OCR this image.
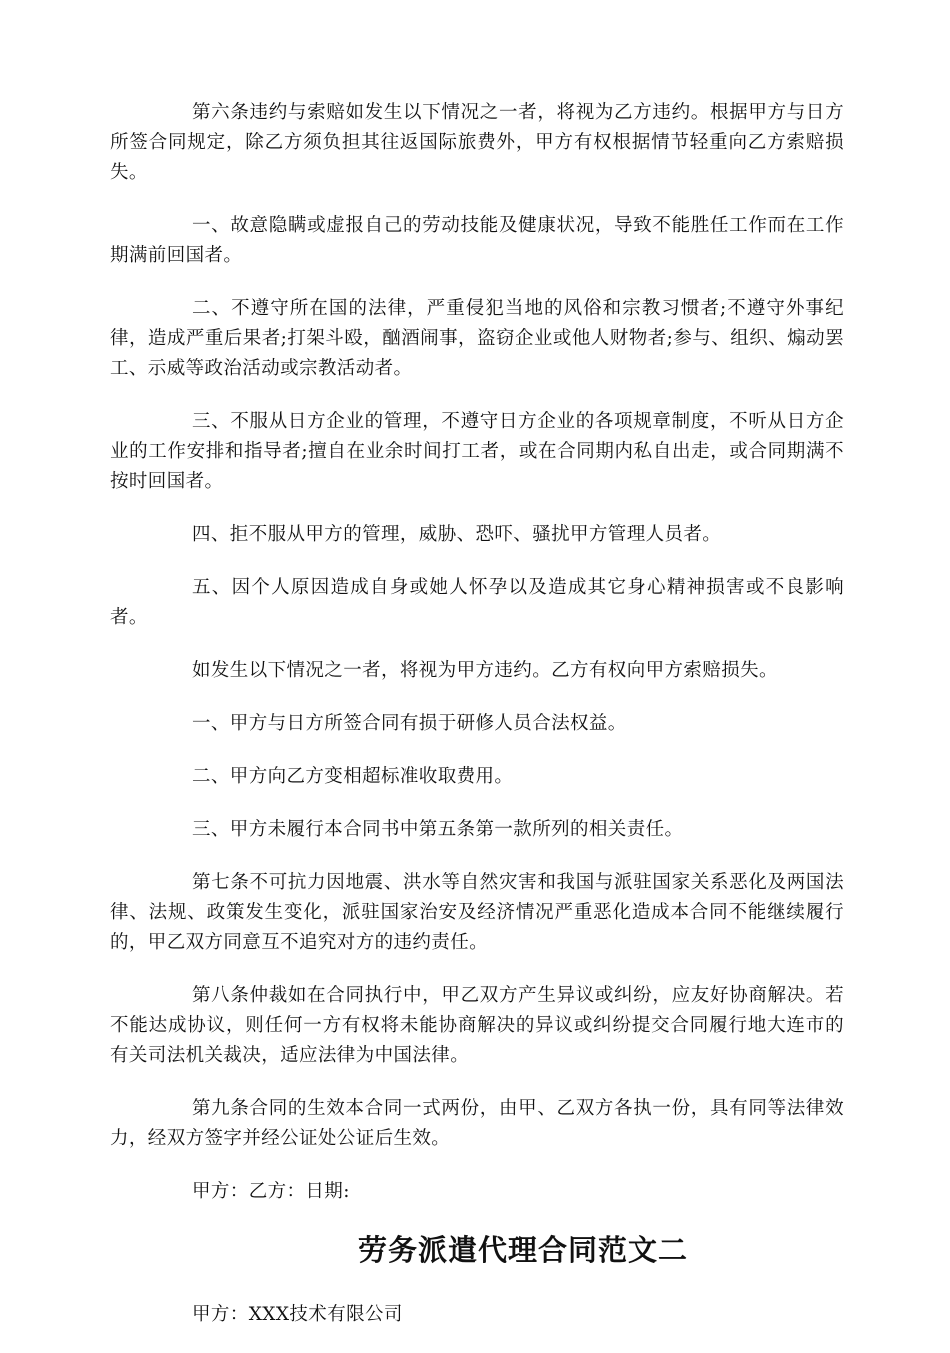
第六条违约与索赔如发生以下情况之一者，将视为乙方违约。根据甲方与日方所签合同规定，除乙方须负担其往返国际旅费外，甲方有权根据情节轻重向乙方索赔损失。

一、故意隐瞒或虚报自己的劳动技能及健康状况，导致不能胜任工作而在工作期满前回国者。

二、不遵守所在国的法律，严重侵犯当地的风俗和宗教习惯者;不遵守外事纪律，造成严重后果者;打架斗殴，酗酒闹事，盗窃企业或他人财物者;参与、组织、煽动罢工、示威等政治活动或宗教活动者。

三、不服从日方企业的管理，不遵守日方企业的各项规章制度，不听从日方企业的工作安排和指导者;擅自在业余时间打工者，或在合同期内私自出走，或合同期满不按时回国者。

四、拒不服从甲方的管理，威胁、恐吓、骚扰甲方管理人员者。

五、因个人原因造成自身或她人怀孕以及造成其它身心精神损害或不良影响者。

如发生以下情况之一者，将视为甲方违约。乙方有权向甲方索赔损失。

一、甲方与日方所签合同有损于研修人员合法权益。

二、甲方向乙方变相超标准收取费用。

三、甲方未履行本合同书中第五条第一款所列的相关责任。

第七条不可抗力因地震、洪水等自然灾害和我国与派驻国家关系恶化及两国法律、法规、政策发生变化，派驻国家治安及经济情况严重恶化造成本合同不能继续履行的，甲乙双方同意互不追究对方的违约责任。

第八条仲裁如在合同执行中，甲乙双方产生异议或纠纷，应友好协商解决。若不能达成协议，则任何一方有权将未能协商解决的异议或纠纷提交合同履行地大连市的有关司法机关裁决，适应法律为中国法律。

第九条合同的生效本合同一式两份，由甲、乙双方各执一份，具有同等法律效力，经双方签字并经公证处公证后生效。

甲方：乙方：日期:

劳务派遣代理合同范文二

甲方：XXX技术有限公司
